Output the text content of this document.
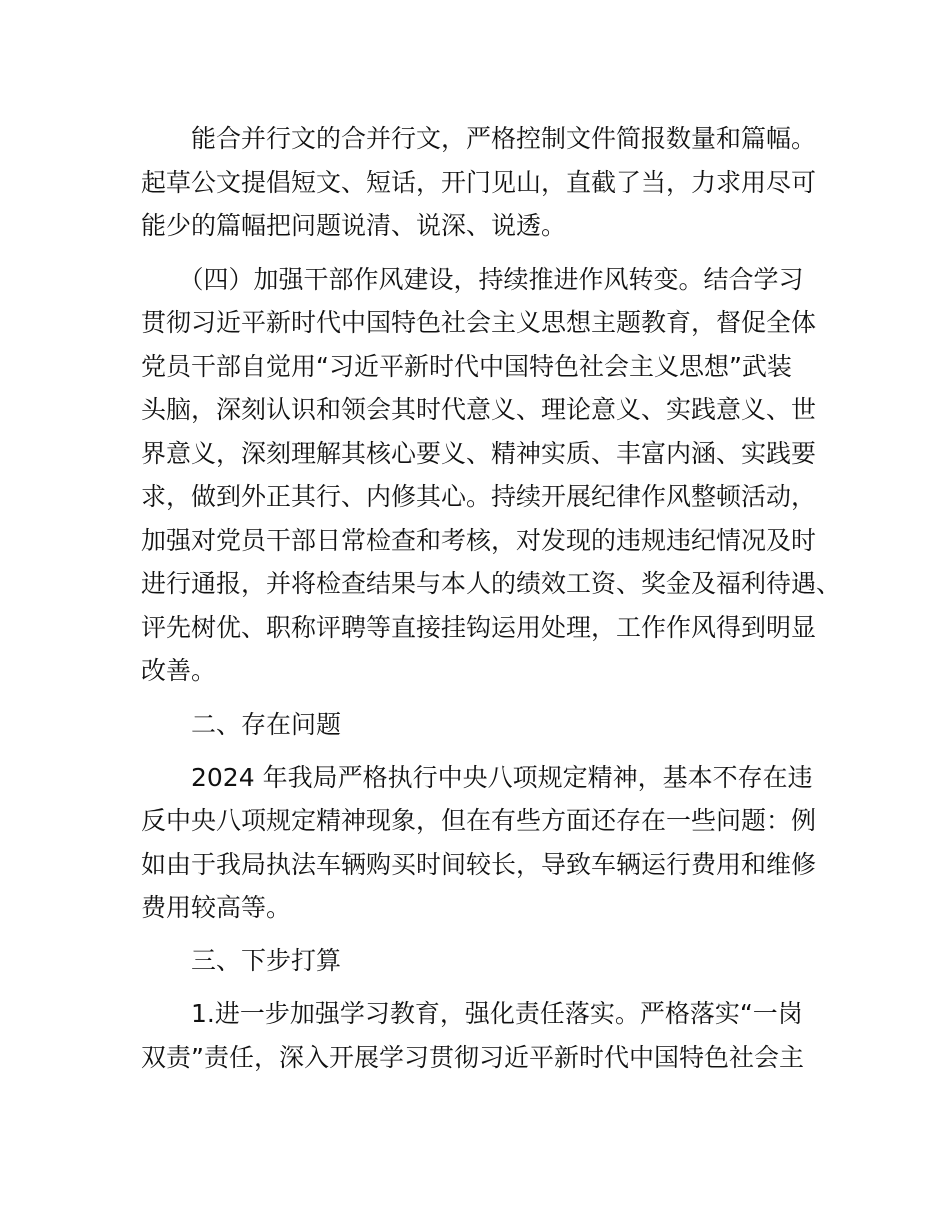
　　能合并行文的合并行文，严格控制文件简报数量和篇幅。
起草公文提倡短文、短话，开门见山，直截了当，力求用尽可
能少的篇幅把问题说清、说深、说透。
　　（四）加强干部作风建设，持续推进作风转变。结合学习
贯彻习近平新时代中国特色社会主义思想主题教育，督促全体
党员干部自觉用“习近平新时代中国特色社会主义思想”武装
头脑，深刻认识和领会其时代意义、理论意义、实践意义、世
界意义，深刻理解其核心要义、精神实质、丰富内涵、实践要
求，做到外正其行、内修其心。持续开展纪律作风整顿活动，
加强对党员干部日常检查和考核，对发现的违规违纪情况及时
进行通报，并将检查结果与本人的绩效工资、奖金及福利待遇、
评先树优、职称评聘等直接挂钩运用处理，工作作风得到明显
改善。
　　二、存在问题
　　2024 年我局严格执行中央八项规定精神，基本不存在违
反中央八项规定精神现象，但在有些方面还存在一些问题：例
如由于我局执法车辆购买时间较长，导致车辆运行费用和维修
费用较高等。
　　三、下步打算
　　1.进一步加强学习教育，强化责任落实。严格落实“一岗
双责”责任，深入开展学习贯彻习近平新时代中国特色社会主
